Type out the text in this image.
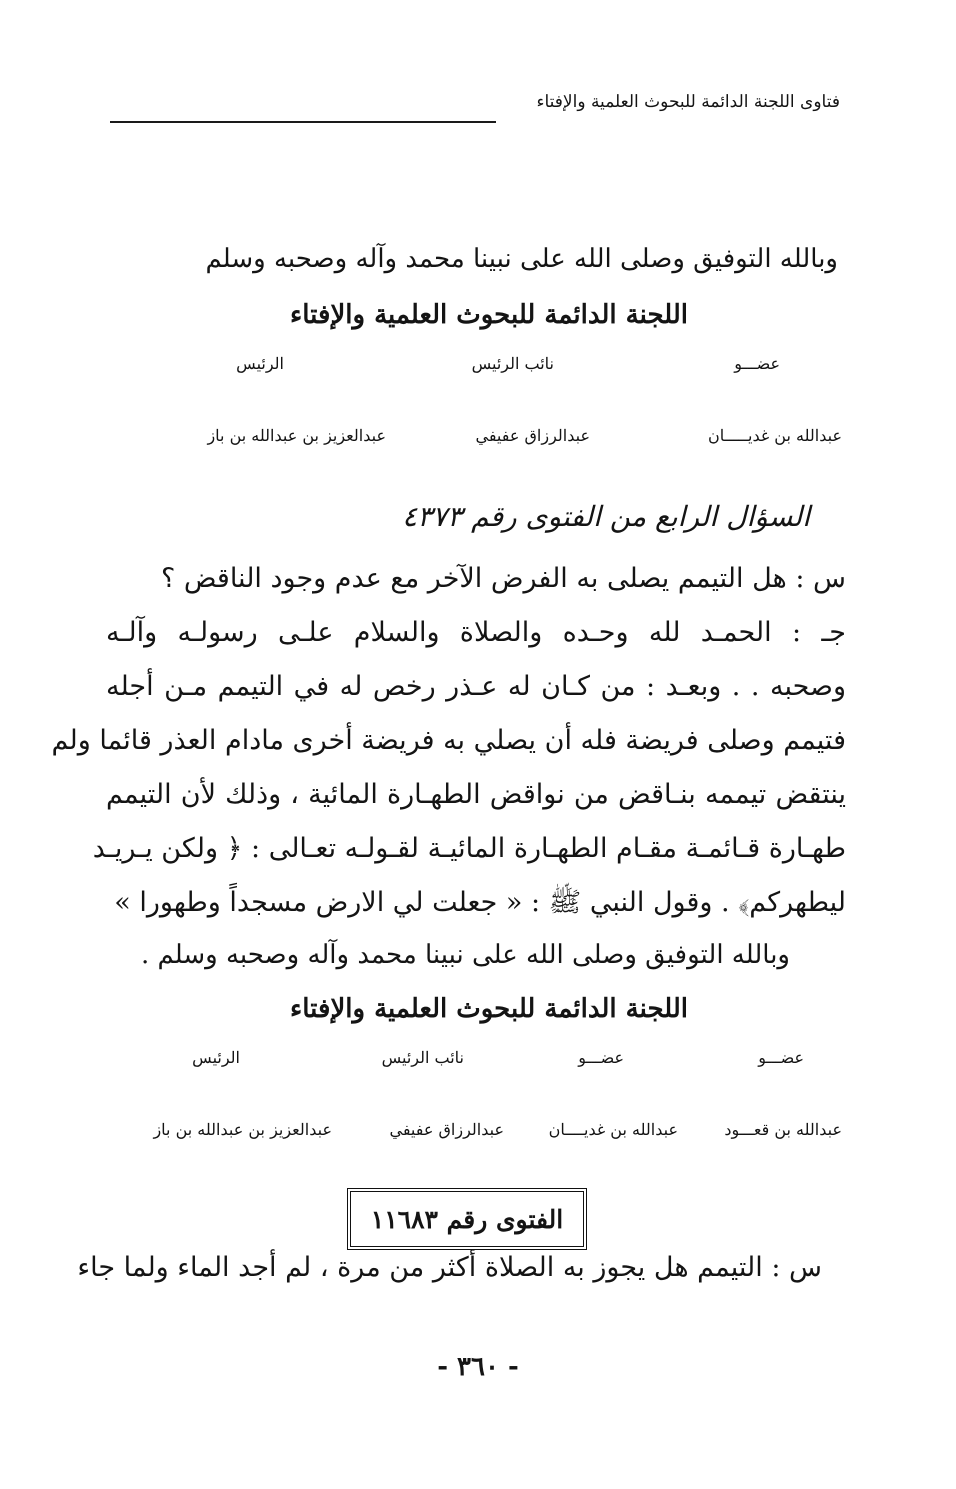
فتاوى اللجنة الدائمة للبحوث العلمية والإفتاء
وبالله التوفيق وصلى الله على نبينا محمد وآله وصحبه وسلم
اللجنة الدائمة للبحوث العلمية والإفتاء
عضـــو
نائب الرئيس
الرئيس
عبدالله بن غديـــــان
عبدالرزاق عفيفي
عبدالعزيز بن عبدالله بن باز
السؤال الرابع من الفتوى رقم ٤٣٧٣
س : هل التيمم يصلى به الفرض الآخر مع عدم وجود الناقض ؟
جـ : الحمـد لله وحـده والصلاة والسلام علـى رسولـه وآلـه
وصحبه . . وبعـد : من كـان له عـذر رخص له في التيمم مـن أجله
فتيمم وصلى فريضة فله أن يصلي به فريضة أخرى مادام العذر قائما ولم
ينتقض تيممه بنـاقض من نواقض الطهـارة المائية ، وذلك لأن التيمم
طهـارة قـائمـة مقـام الطهـارة المائيـة لقـولـه تعـالى : ﴿ ولكن يـريـد
ليطهركم﴾ . وقول النبي ﷺ : « جعلت لي الارض مسجداً وطهورا »
وبالله التوفيق وصلى الله على نبينا محمد وآله وصحبه وسلم .
اللجنة الدائمة للبحوث العلمية والإفتاء
عضـــو
عضـــو
نائب الرئيس
الرئيس
عبدالله بن قعـــود
عبدالله بن غديــــان
عبدالرزاق عفيفي
عبدالعزيز بن عبدالله بن باز
الفتوى رقم ١١٦٨٣
س : التيمم هل يجوز به الصلاة أكثر من مرة ، لم أجد الماء ولما جاء
- ٣٦٠ -
